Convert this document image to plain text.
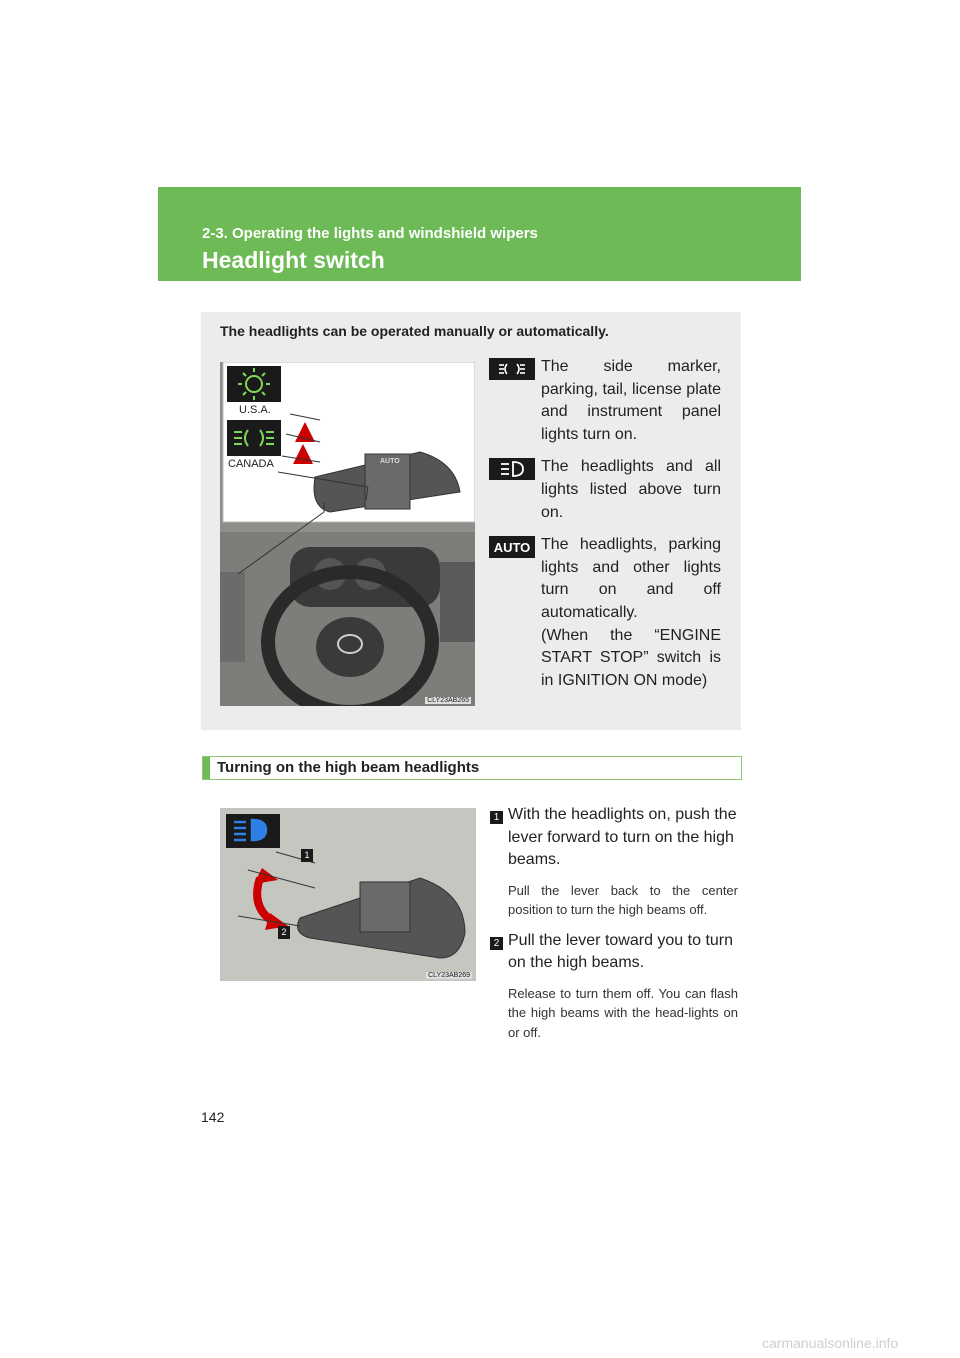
2-3. Operating the lights and windshield wipers
Headlight switch
The headlights can be operated manually or automatically.
U.S.A.
CANADA	AUTO
CLY23AB265
The side marker, parking, tail, license plate and instrument panel lights turn on.
The headlights and all lights listed above turn on.
AUTO The headlights, parking lights and other lights turn on and off automatically.
(When the “ENGINE START STOP” switch is in IGNITION ON mode)
Turning on the high beam headlights
1
2
CLY23AB269
1 With the headlights on, push the lever forward to turn on the high beams.
Pull the lever back to the center position to turn the high beams off.
2 Pull the lever toward you to turn on the high beams.
Release to turn them off. You can flash the high beams with the head-lights on or off.
142
carmanualsonline.info
